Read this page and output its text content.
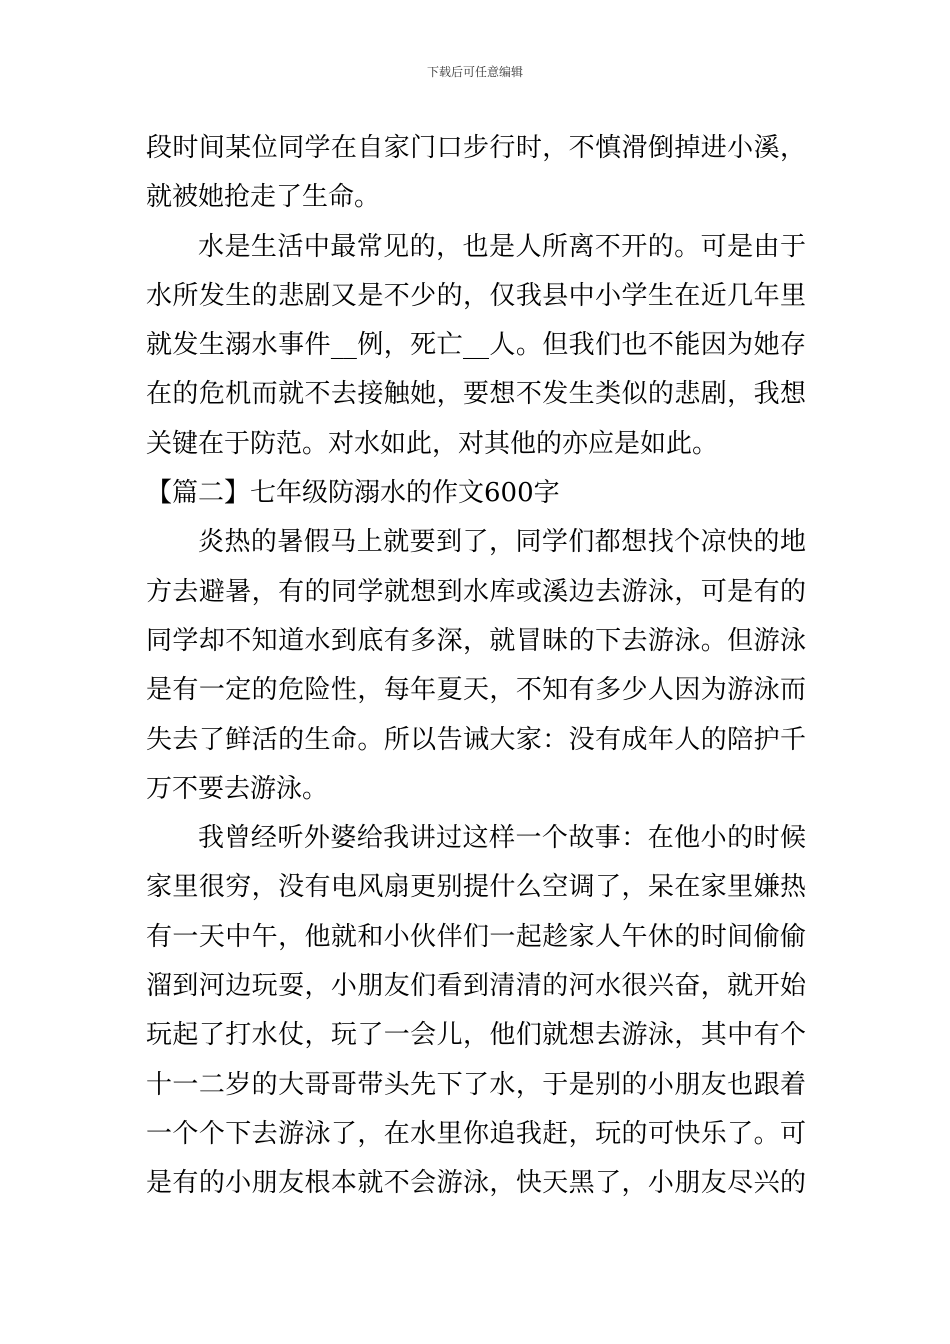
下载后可任意编辑
段时间某位同学在自家门口步行时，不慎滑倒掉进小溪，
就被她抢走了生命。
水是生活中最常见的，也是人所离不开的。可是由于
水所发生的悲剧又是不少的，仅我县中小学生在近几年里
就发生溺水事件__例，死亡__人。但我们也不能因为她存
在的危机而就不去接触她，要想不发生类似的悲剧，我想
关键在于防范。对水如此，对其他的亦应是如此。
【篇二】七年级防溺水的作文600字
炎热的暑假马上就要到了，同学们都想找个凉快的地
方去避暑，有的同学就想到水库或溪边去游泳，可是有的
同学却不知道水到底有多深，就冒昧的下去游泳。但游泳
是有一定的危险性，每年夏天，不知有多少人因为游泳而
失去了鲜活的生命。所以告诫大家：没有成年人的陪护千
万不要去游泳。
我曾经听外婆给我讲过这样一个故事：在他小的时候
家里很穷，没有电风扇更别提什么空调了，呆在家里嫌热
有一天中午，他就和小伙伴们一起趁家人午休的时间偷偷
溜到河边玩耍，小朋友们看到清清的河水很兴奋，就开始
玩起了打水仗，玩了一会儿，他们就想去游泳，其中有个
十一二岁的大哥哥带头先下了水，于是别的小朋友也跟着
一个个下去游泳了，在水里你追我赶，玩的可快乐了。可
是有的小朋友根本就不会游泳，快天黑了，小朋友尽兴的
